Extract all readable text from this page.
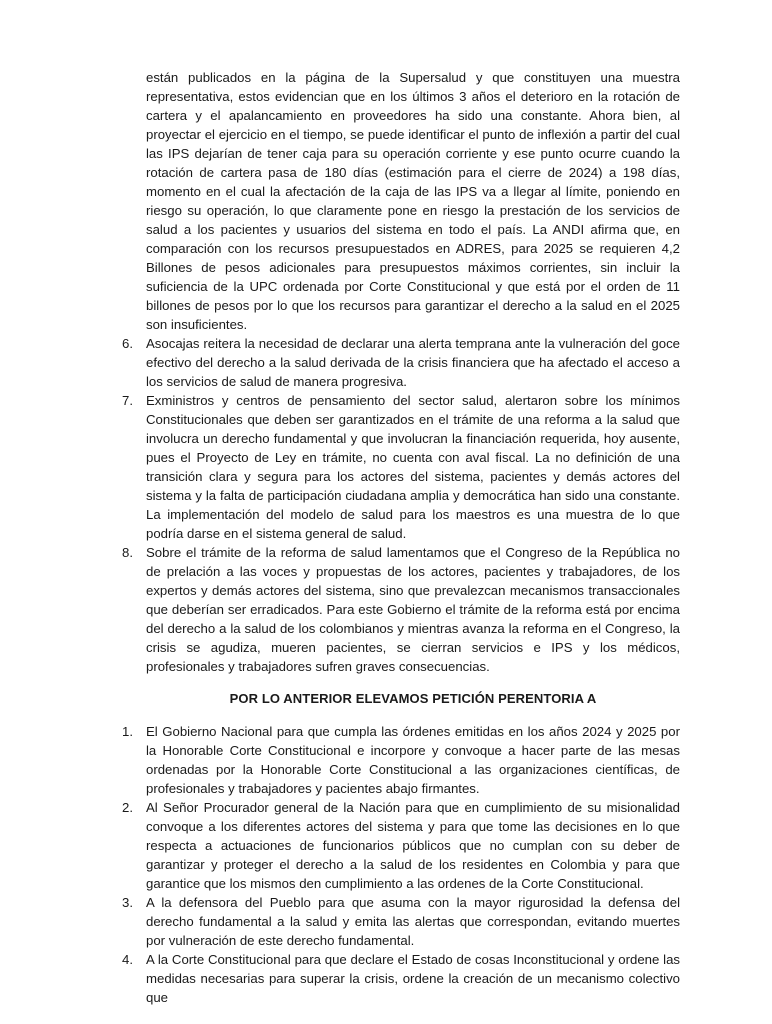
están publicados en la página de la Supersalud y que constituyen una muestra representativa, estos evidencian que en los últimos 3 años el deterioro en la rotación de cartera y el apalancamiento en proveedores ha sido una constante. Ahora bien, al proyectar el ejercicio en el tiempo, se puede identificar el punto de inflexión a partir del cual las IPS dejarían de tener caja para su operación corriente y ese punto ocurre cuando la rotación de cartera pasa de 180 días (estimación para el cierre de 2024) a 198 días, momento en el cual la afectación de la caja de las IPS va a llegar al límite, poniendo en riesgo su operación, lo que claramente pone en riesgo la prestación de los servicios de salud a los pacientes y usuarios del sistema en todo el país. La ANDI afirma que, en comparación con los recursos presupuestados en ADRES, para 2025 se requieren 4,2 Billones de pesos adicionales para presupuestos máximos corrientes, sin incluir la suficiencia de la UPC ordenada por Corte Constitucional y que está por el orden de 11 billones de pesos por lo que los recursos para garantizar el derecho a la salud en el 2025 son insuficientes.

6. Asocajas reitera la necesidad de declarar una alerta temprana ante la vulneración del goce efectivo del derecho a la salud derivada de la crisis financiera que ha afectado el acceso a los servicios de salud de manera progresiva.
7. Exministros y centros de pensamiento del sector salud, alertaron sobre los mínimos Constitucionales que deben ser garantizados en el trámite de una reforma a la salud que involucra un derecho fundamental y que involucran la financiación requerida, hoy ausente, pues el Proyecto de Ley en trámite, no cuenta con aval fiscal. La no definición de una transición clara y segura para los actores del sistema, pacientes y demás actores del sistema y la falta de participación ciudadana amplia y democrática han sido una constante. La implementación del modelo de salud para los maestros es una muestra de lo que podría darse en el sistema general de salud.
8. Sobre el trámite de la reforma de salud lamentamos que el Congreso de la República no de prelación a las voces y propuestas de los actores, pacientes y trabajadores, de los expertos y demás actores del sistema, sino que prevalezcan mecanismos transaccionales que deberían ser erradicados. Para este Gobierno el trámite de la reforma está por encima del derecho a la salud de los colombianos y mientras avanza la reforma en el Congreso, la crisis se agudiza, mueren pacientes, se cierran servicios e IPS y los médicos, profesionales y trabajadores sufren graves consecuencias.
POR LO ANTERIOR ELEVAMOS PETICIÓN PERENTORIA A
1. El Gobierno Nacional para que cumpla las órdenes emitidas en los años 2024 y 2025 por la Honorable Corte Constitucional e incorpore y convoque a hacer parte de las mesas ordenadas por la Honorable Corte Constitucional a las organizaciones científicas, de profesionales y trabajadores y pacientes abajo firmantes.
2. Al Señor Procurador general de la Nación para que en cumplimiento de su misionalidad convoque a los diferentes actores del sistema y para que tome las decisiones en lo que respecta a actuaciones de funcionarios públicos que no cumplan con su deber de garantizar y proteger el derecho a la salud de los residentes en Colombia y para que garantice que los mismos den cumplimiento a las ordenes de la Corte Constitucional.
3. A la defensora del Pueblo para que asuma con la mayor rigurosidad la defensa del derecho fundamental a la salud y emita las alertas que correspondan, evitando muertes por vulneración de este derecho fundamental.
4. A la Corte Constitucional para que declare el Estado de cosas Inconstitucional y ordene las medidas necesarias para superar la crisis, ordene la creación de un mecanismo colectivo que
